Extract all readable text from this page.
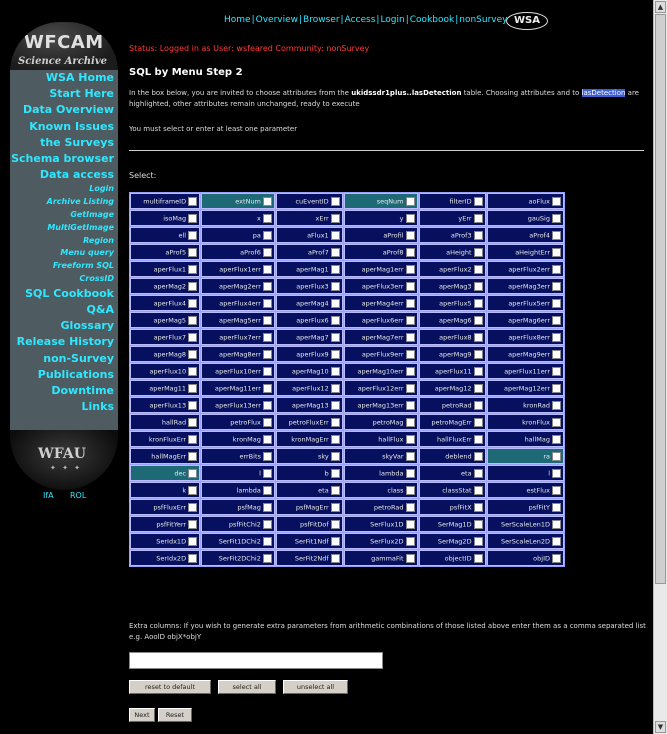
WFCAM
Science Archive
WSA Home
Start Here
Data Overview
Known Issues
the Surveys
Schema browser
Data access
Login
Archive Listing
GetImage
MultiGetImage
Region
Menu query
Freeform SQL
CrossID
SQL Cookbook
Q&A
Glossary
Release History
non-Survey
Publications
Downtime
Links
WFAU
✦ ✦ ✦
IfA ROL
Home|Overview|Browser|Access|Login|Cookbook|nonSurvey WSA
Status: Logged in as User: wsfeared Community: nonSurvey
SQL by Menu Step 2
In the box below, you are invited to choose attributes from the ukidssdr1plus..lasDetection table. Choosing attributes and to lasDetection are highlighted, other attributes remain unchanged, ready to execute
You must select or enter at least one parameter
Select:
multiframeID	extNum	cuEventID	seqNum	filterID	aoFlux
isoMag	x	xErr	y	yErr	gauSig
ell	pa	aFlux1	aProfil	aProf3	aProf4
aProf5	aProf6	aProf7	aProf8	aHeight	aHeightErr
aperFlux1	aperFlux1err	aperMag1	aperMag1err	aperFlux2	aperFlux2err
aperMag2	aperMag2err	aperFlux3	aperFlux3err	aperMag3	aperMag3err
aperFlux4	aperFlux4err	aperMag4	aperMag4err	aperFlux5	aperFlux5err
aperMag5	aperMag5err	aperFlux6	aperFlux6err	aperMag6	aperMag6err
aperFlux7	aperFlux7err	aperMag7	aperMag7err	aperFlux8	aperFlux8err
aperMag8	aperMag8err	aperFlux9	aperFlux9err	aperMag9	aperMag9err
aperFlux10	aperFlux10err	aperMag10	aperMag10err	aperFlux11	aperFlux11err
aperMag11	aperMag11err	aperFlux12	aperFlux12err	aperMag12	aperMag12err
aperFlux13	aperFlux13err	aperMag13	aperMag13err	petroRad	kronRad
hallRad	petroFlux	petroFluxErr	petroMag	petroMagErr	kronFlux
kronFluxErr	kronMag	kronMagErr	hallFlux	hallFluxErr	hallMag
hallMagErr	errBits	sky	skyVar	deblend	ra
dec	l	b	lambda	eta	l
k	lambda	eta	class	classStat	estFlux
psfFluxErr	psfMag	psfMagErr	petroRad	psfFitX	psfFitY
psfFitYerr	psfFitChi2	psfFitDof	SerFlux1D	SerMag1D	SerScaleLen1D
SerIdx1D	SerFit1DChi2	SerFit1Ndf	SerFlux2D	SerMag2D	SerScaleLen2D
SerIdx2D	SerFit2DChi2	SerFit2Ndf	gammaFit	objectID	objID
Extra columns: If you wish to generate extra parameters from arithmetic combinations of those listed above enter them as a comma separated list e.g. AoolD objX*objY
reset to default	select all	unselect all
Next	Reset
▲
▼
